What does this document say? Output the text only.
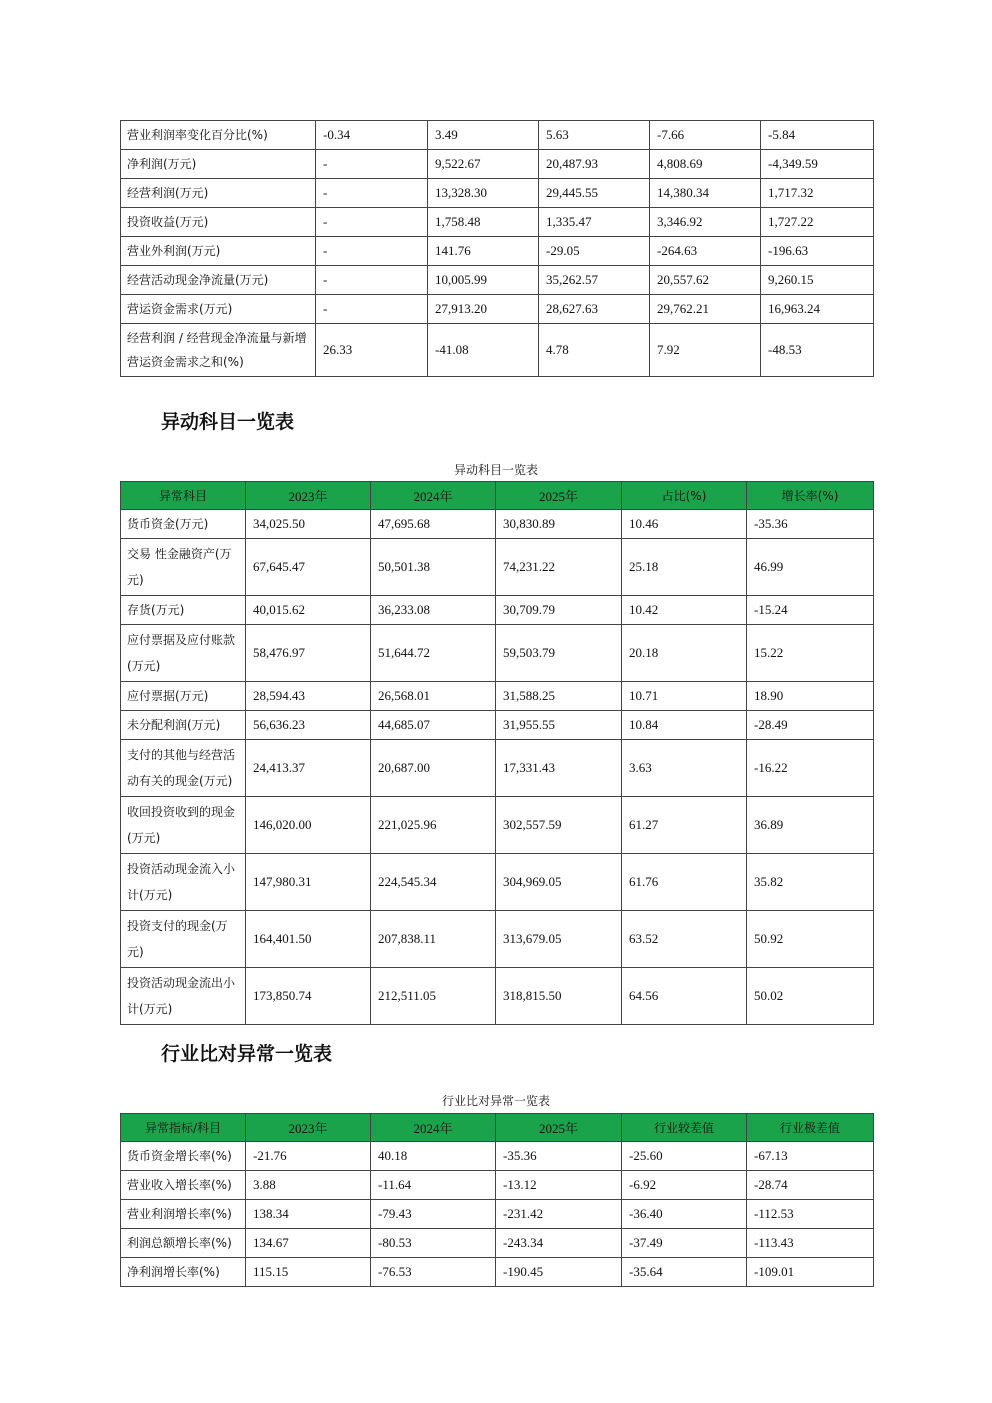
营业利润率变化百分比(%)	-0.34	3.49	5.63	-7.66	-5.84
净利润(万元)	-	9,522.67	20,487.93	4,808.69	-4,349.59
经营利润(万元)	-	13,328.30	29,445.55	14,380.34	1,717.32
投资收益(万元)	-	1,758.48	1,335.47	3,346.92	1,727.22
营业外利润(万元)	-	141.76	-29.05	-264.63	-196.63
经营活动现金净流量(万元)	-	10,005.99	35,262.57	20,557.62	9,260.15
营运资金需求(万元)	-	27,913.20	28,627.63	29,762.21	16,963.24
经营利润 / 经营现金净流量与新增营运资金需求之和(%)	26.33	-41.08	4.78	7.92	-48.53
异动科目一览表

异动科目一览表

异常科目	2023年	2024年	2025年	占比(%)	增长率(%)
货币资金(万元)	34,025.50	47,695.68	30,830.89	10.46	-35.36
交易 性金融资产(万元)	67,645.47	50,501.38	74,231.22	25.18	46.99
存货(万元)	40,015.62	36,233.08	30,709.79	10.42	-15.24
应付票据及应付账款(万元)	58,476.97	51,644.72	59,503.79	20.18	15.22
应付票据(万元)	28,594.43	26,568.01	31,588.25	10.71	18.90
未分配利润(万元)	56,636.23	44,685.07	31,955.55	10.84	-28.49
支付的其他与经营活动有关的现金(万元)	24,413.37	20,687.00	17,331.43	3.63	-16.22
收回投资收到的现金(万元)	146,020.00	221,025.96	302,557.59	61.27	36.89
投资活动现金流入小计(万元)	147,980.31	224,545.34	304,969.05	61.76	35.82
投资支付的现金(万元)	164,401.50	207,838.11	313,679.05	63.52	50.92
投资活动现金流出小计(万元)	173,850.74	212,511.05	318,815.50	64.56	50.02
行业比对异常一览表

行业比对异常一览表

异常指标/科目	2023年	2024年	2025年	行业较差值	行业极差值
货币资金增长率(%)	-21.76	40.18	-35.36	-25.60	-67.13
营业收入增长率(%)	3.88	-11.64	-13.12	-6.92	-28.74
营业利润增长率(%)	138.34	-79.43	-231.42	-36.40	-112.53
利润总额增长率(%)	134.67	-80.53	-243.34	-37.49	-113.43
净利润增长率(%)	115.15	-76.53	-190.45	-35.64	-109.01
